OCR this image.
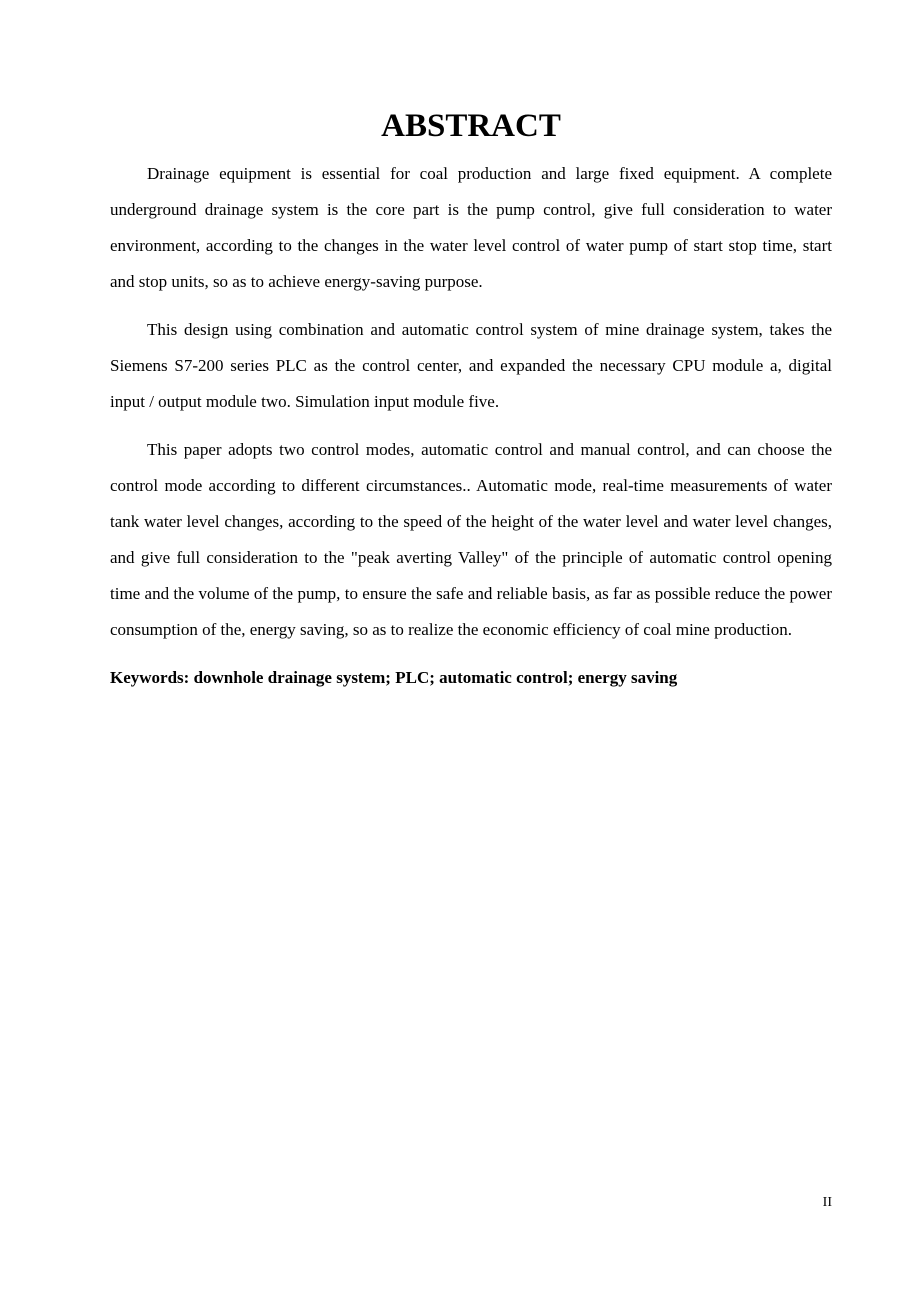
ABSTRACT

Drainage equipment is essential for coal production and large fixed equipment. A complete underground drainage system is the core part is the pump control, give full consideration to water environment, according to the changes in the water level control of water pump of start stop time, start and stop units, so as to achieve energy-saving purpose.

This design using combination and automatic control system of mine drainage system, takes the Siemens S7-200 series PLC as the control center, and expanded the necessary CPU module a, digital input / output module two. Simulation input module five.

This paper adopts two control modes, automatic control and manual control, and can choose the control mode according to different circumstances.. Automatic mode, real-time measurements of water tank water level changes, according to the speed of the height of the water level and water level changes, and give full consideration to the "peak averting Valley" of the principle of automatic control opening time and the volume of the pump, to ensure the safe and reliable basis, as far as possible reduce the power consumption of the, energy saving, so as to realize the economic efficiency of coal mine production.

Keywords: downhole drainage system; PLC; automatic control; energy saving

II
